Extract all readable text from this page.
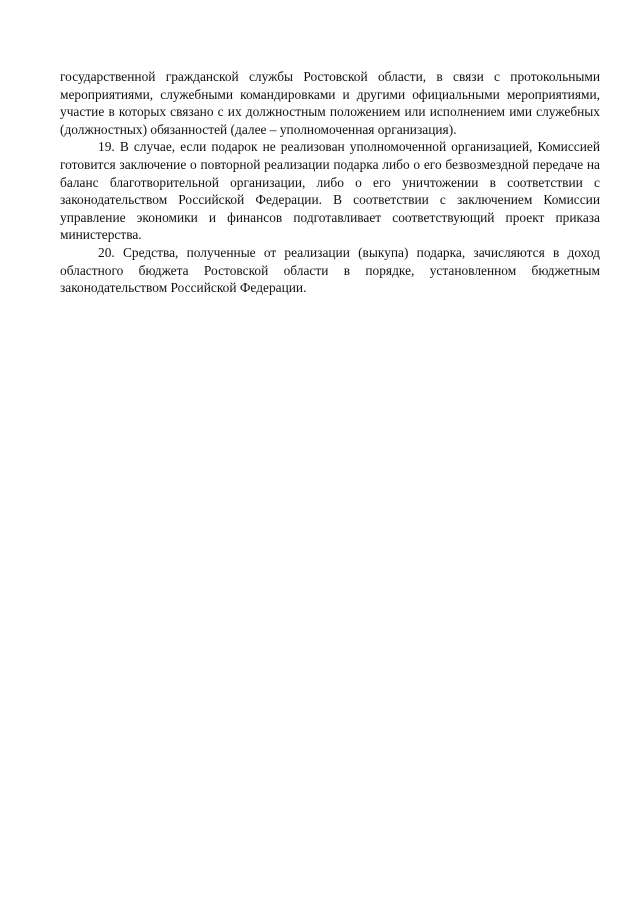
государственной гражданской службы Ростовской области, в связи с протокольными мероприятиями, служебными командировками и другими официальными мероприятиями, участие в которых связано с их должностным положением или исполнением ими служебных (должностных) обязанностей (далее – уполномоченная организация).

19. В случае, если подарок не реализован уполномоченной организацией, Комиссией готовится заключение о повторной реализации подарка либо о его безвозмездной передаче на баланс благотворительной организации, либо о его уничтожении в соответствии с законодательством Российской Федерации. В соответствии с заключением Комиссии управление экономики и финансов подготавливает соответствующий проект приказа министерства.

20. Средства, полученные от реализации (выкупа) подарка, зачисляются в доход областного бюджета Ростовской области в порядке, установленном бюджетным законодательством Российской Федерации.
